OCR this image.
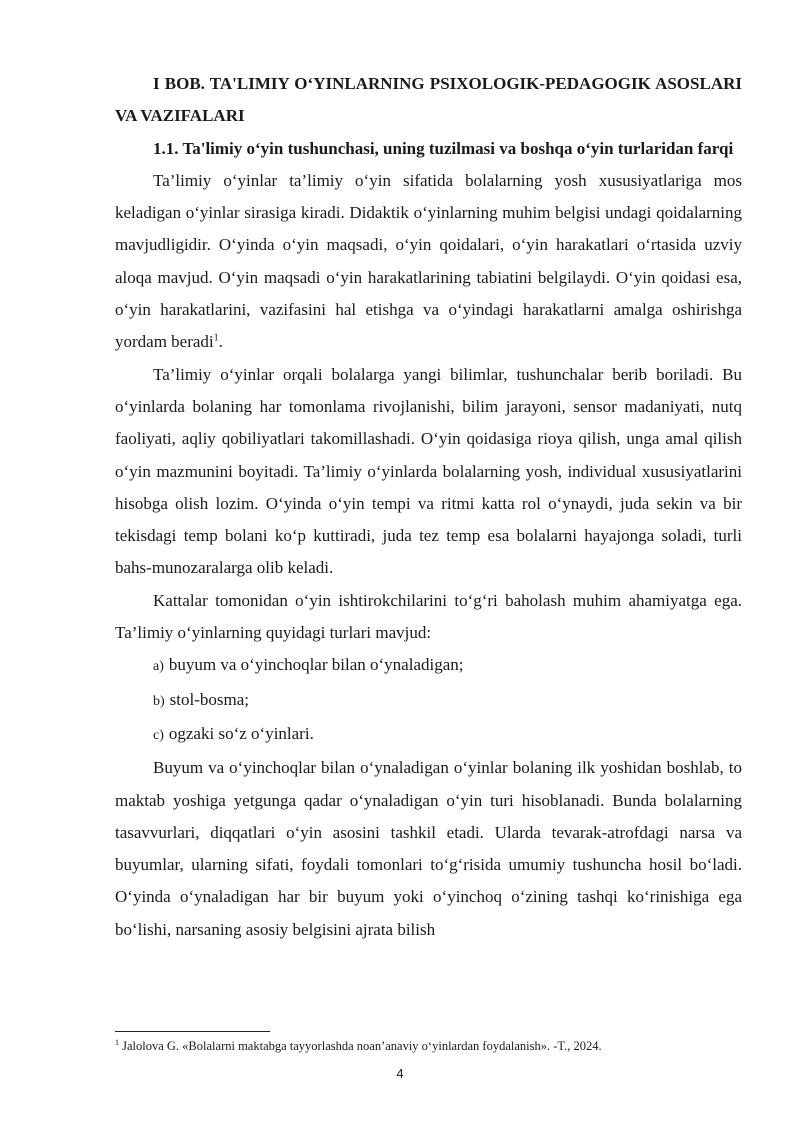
I BOB. TA'LIMIY O‘YINLARNING PSIXOLOGIK-PEDAGOGIK ASOSLARI VA VAZIFALARI

1.1. Ta'limiy o‘yin tushunchasi, uning tuzilmasi va boshqa o‘yin turlaridan farqi

Ta’limiy o‘yinlar ta’limiy o‘yin sifatida bolalarning yosh xususiyatlariga mos keladigan o‘yinlar sirasiga kiradi. Didaktik o‘yinlarning muhim belgisi undagi qoidalarning mavjudligidir. O‘yinda o‘yin maqsadi, o‘yin qoidalari, o‘yin harakatlari o‘rtasida uzviy aloqa mavjud. O‘yin maqsadi o‘yin harakatlarining tabiatini belgilaydi. O‘yin qoidasi esa, o‘yin harakatlarini, vazifasini hal etishga va o‘yindagi harakatlarni amalga oshirishga yordam beradi$^1$.

Ta’limiy o‘yinlar orqali bolalarga yangi bilimlar, tushunchalar berib boriladi. Bu o‘yinlarda bolaning har tomonlama rivojlanishi, bilim jarayoni, sensor madaniyati, nutq faoliyati, aqliy qobiliyatlari takomillashadi. O‘yin qoidasiga rioya qilish, unga amal qilish o‘yin mazmunini boyitadi. Ta’limiy o‘yinlarda bolalarning yosh, individual xususiyatlarini hisobga olish lozim. O‘yinda o‘yin tempi va ritmi katta rol o‘ynaydi, juda sekin va bir tekisdagi temp bolani ko‘p kuttiradi, juda tez temp esa bolalarni hayajonga soladi, turli bahs-munozaralarga olib keladi.

Kattalar tomonidan o‘yin ishtirokchilarini to‘g‘ri baholash muhim ahamiyatga ega. Ta’limiy o‘yinlarning quyidagi turlari mavjud:

a) buyum va o‘yinchoqlar bilan o‘ynaladigan;

b) stol-bosma;

c) ogzaki so‘z o‘yinlari.

Buyum va o‘yinchoqlar bilan o‘ynaladigan o‘yinlar bolaning ilk yoshidan boshlab, to maktab yoshiga yetgunga qadar o‘ynaladigan o‘yin turi hisoblanadi. Bunda bolalarning tasavvurlari, diqqatlari o‘yin asosini tashkil etadi. Ularda tevarak-atrofdagi narsa va buyumlar, ularning sifati, foydali tomonlari to‘g‘risida umumiy tushuncha hosil bo‘ladi. O‘yinda o‘ynaladigan har bir buyum yoki o‘yinchoq o‘zining tashqi ko‘rinishiga ega bo‘lishi, narsaning asosiy belgisini ajrata bilish

$^1$ Jalolova G. «Bolalarni maktabga tayyorlashda noan’anaviy o‘yinlardan foydalanish». -T., 2024.
4
